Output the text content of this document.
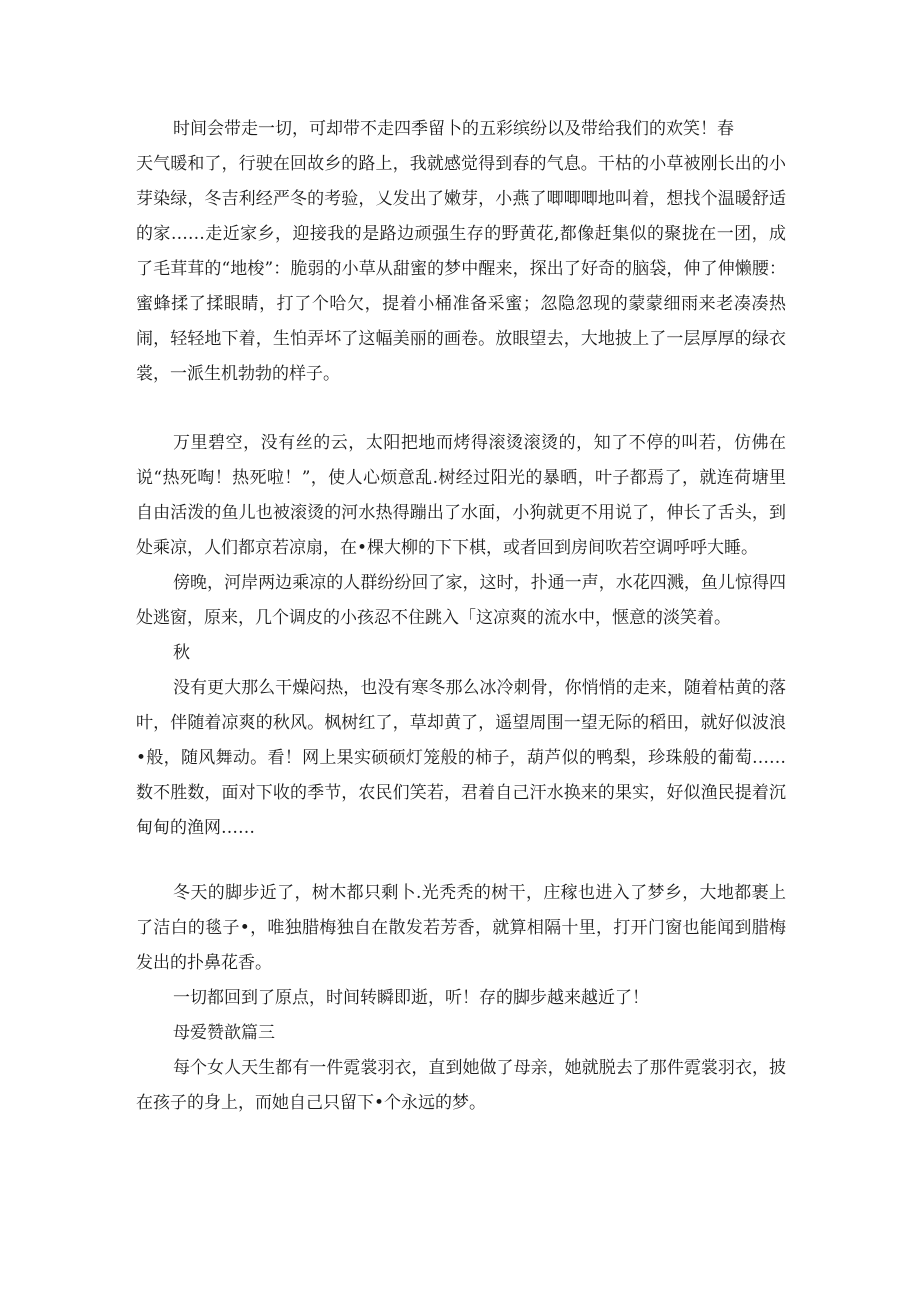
时间会带走一切，可却带不走四季留卜的五彩缤纷以及带给我们的欢笑！春

天气暖和了，行驶在回故乡的路上，我就感觉得到春的气息。干枯的小草被刚长出的小芽染绿，冬吉利经严冬的考验，乂发出了嫩芽，小燕了唧唧唧地叫着，想找个温暖舒适的家……走近家乡，迎接我的是路边顽强生存的野黄花,都像赶集似的聚拢在一团，成了毛茸茸的“地梭”：脆弱的小草从甜蜜的梦中醒来，探出了好奇的脑袋，伸了伸懒腰：蜜蜂揉了揉眼睛，打了个哈欠，提着小桶准备采蜜；忽隐忽现的蒙蒙细雨来老凑凑热闹，轻轻地下着，生怕弄坏了这幅美丽的画卷。放眼望去，大地披上了一层厚厚的绿衣裳，一派生机勃勃的样子。

万里碧空，没有丝的云，太阳把地而烤得滚烫滚烫的，知了不停的叫若，仿佛在说“热死啕！热死啦！”，使人心烦意乱.树经过阳光的暴晒，叶子都焉了，就连荷塘里自由活泼的鱼儿也被滚烫的河水热得蹦出了水面，小狗就更不用说了，伸长了舌头，到处乘凉，人们都京若凉扇，在•棵大柳的下下棋，或者回到房间吹若空调呼呼大睡。

傍晚，河岸两边乘凉的人群纷纷回了家，这时，扑通一声，水花四溅，鱼儿惊得四处逃窗，原来，几个调皮的小孩忍不住跳入「这凉爽的流水中，惬意的淡笑着。

秋

没有更大那么干燥闷热，也没有寒冬那么冰冷刺骨，你悄悄的走来，随着枯黄的落叶，伴随着凉爽的秋风。枫树红了，草却黄了，遥望周围一望无际的稻田，就好似波浪•般，随风舞动。看！网上果实硕硕灯笼般的柿子，葫芦似的鸭梨，珍珠般的葡萄……数不胜数，面对下收的季节，农民们笑若，君着自己汗水换来的果实，好似渔民提着沉甸甸的渔网……

冬天的脚步近了，树木都只剩卜.光秃秃的树干，庄稼也进入了梦乡，大地都裹上了洁白的毯子•，唯独腊梅独自在散发若芳香，就算相隔十里，打开门窗也能闻到腊梅发出的扑鼻花香。

一切都回到了原点，时间转瞬即逝，听！存的脚步越来越近了！

母爱赞歆篇三

每个女人天生都有一件霓裳羽衣，直到她做了母亲，她就脱去了那件霓裳羽衣，披在孩子的身上，而她自己只留下•个永远的梦。
